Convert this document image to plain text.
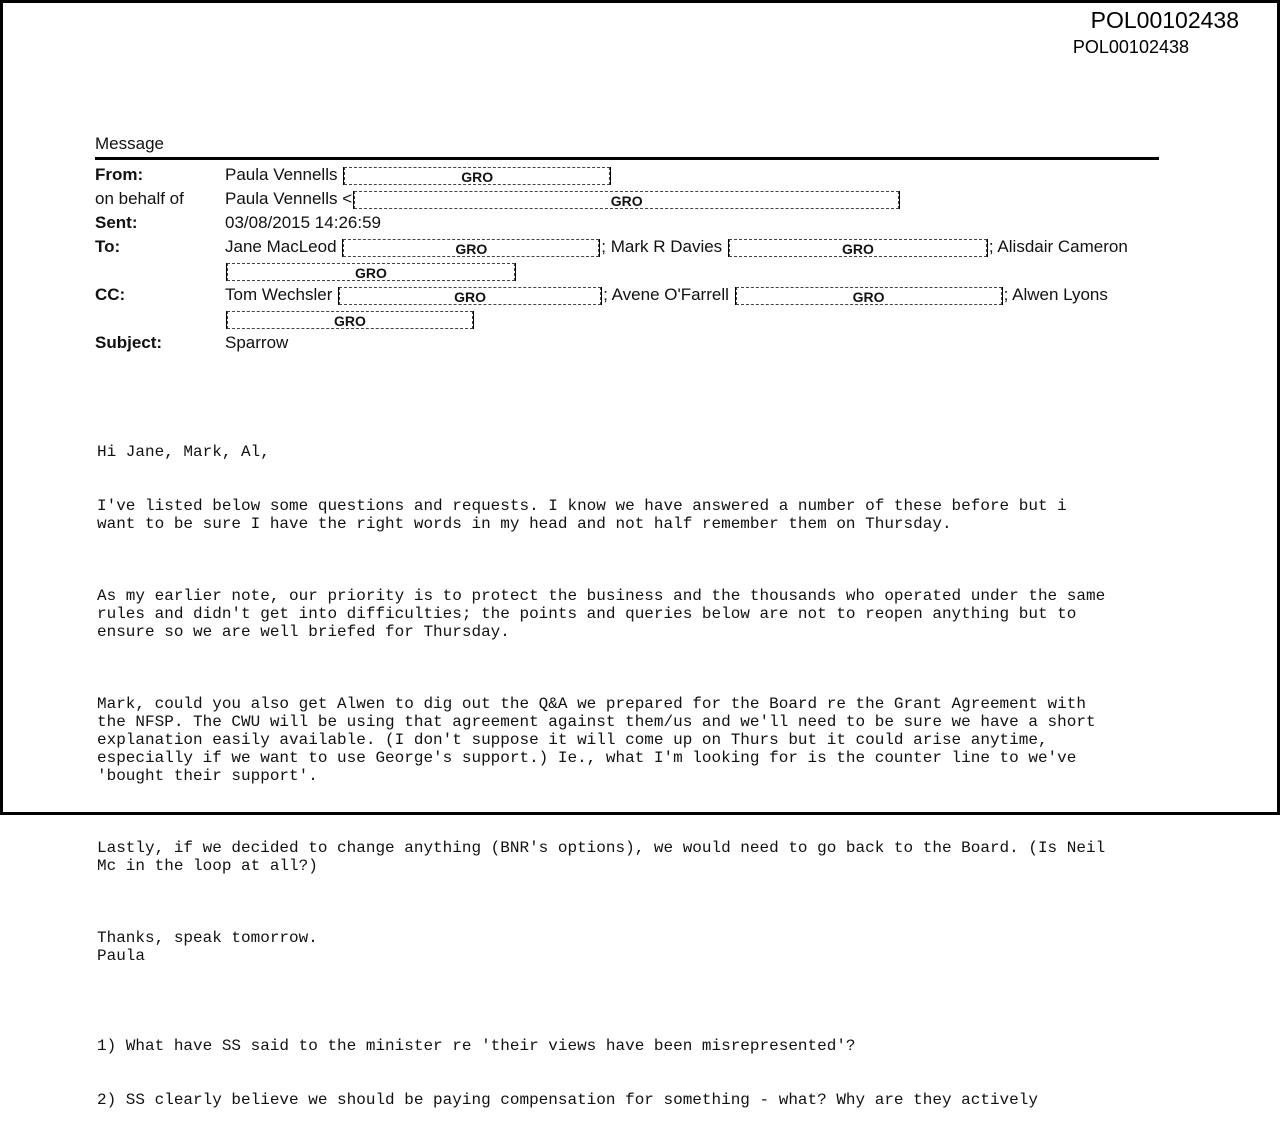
POL00102438
POL00102438
Message
From:	Paula Vennells	GRO
on behalf of Paula Vennells <	GRO
Sent:	03/08/2015 14:26:59
To:	Jane MacLeod	GRO	; Mark R Davies	GRO	; Alisdair Cameron
GRO
CC:	Tom Wechsler	GRO	; Avene O'Farrell	GRO	; Alwen Lyons
GRO
Subject:	Sparrow

Hi Jane, Mark, Al,

I've listed below some questions and requests. I know we have answered a number of these before but i
want to be sure I have the right words in my head and not half remember them on Thursday.

As my earlier note, our priority is to protect the business and the thousands who operated under the same
rules and didn't get into difficulties; the points and queries below are not to reopen anything but to
ensure so we are well briefed for Thursday.

Mark, could you also get Alwen to dig out the Q&A we prepared for the Board re the Grant Agreement with
the NFSP. The CWU will be using that agreement against them/us and we'll need to be sure we have a short
explanation easily available. (I don't suppose it will come up on Thurs but it could arise anytime,
especially if we want to use George's support.) Ie., what I'm looking for is the counter line to we've
'bought their support'.

Lastly, if we decided to change anything (BNR's options), we would need to go back to the Board. (Is Neil
Mc in the loop at all?)

Thanks, speak tomorrow.
Paula

1) What have SS said to the minister re 'their views have been misrepresented'?

2) SS clearly believe we should be paying compensation for something - what? Why are they actively
